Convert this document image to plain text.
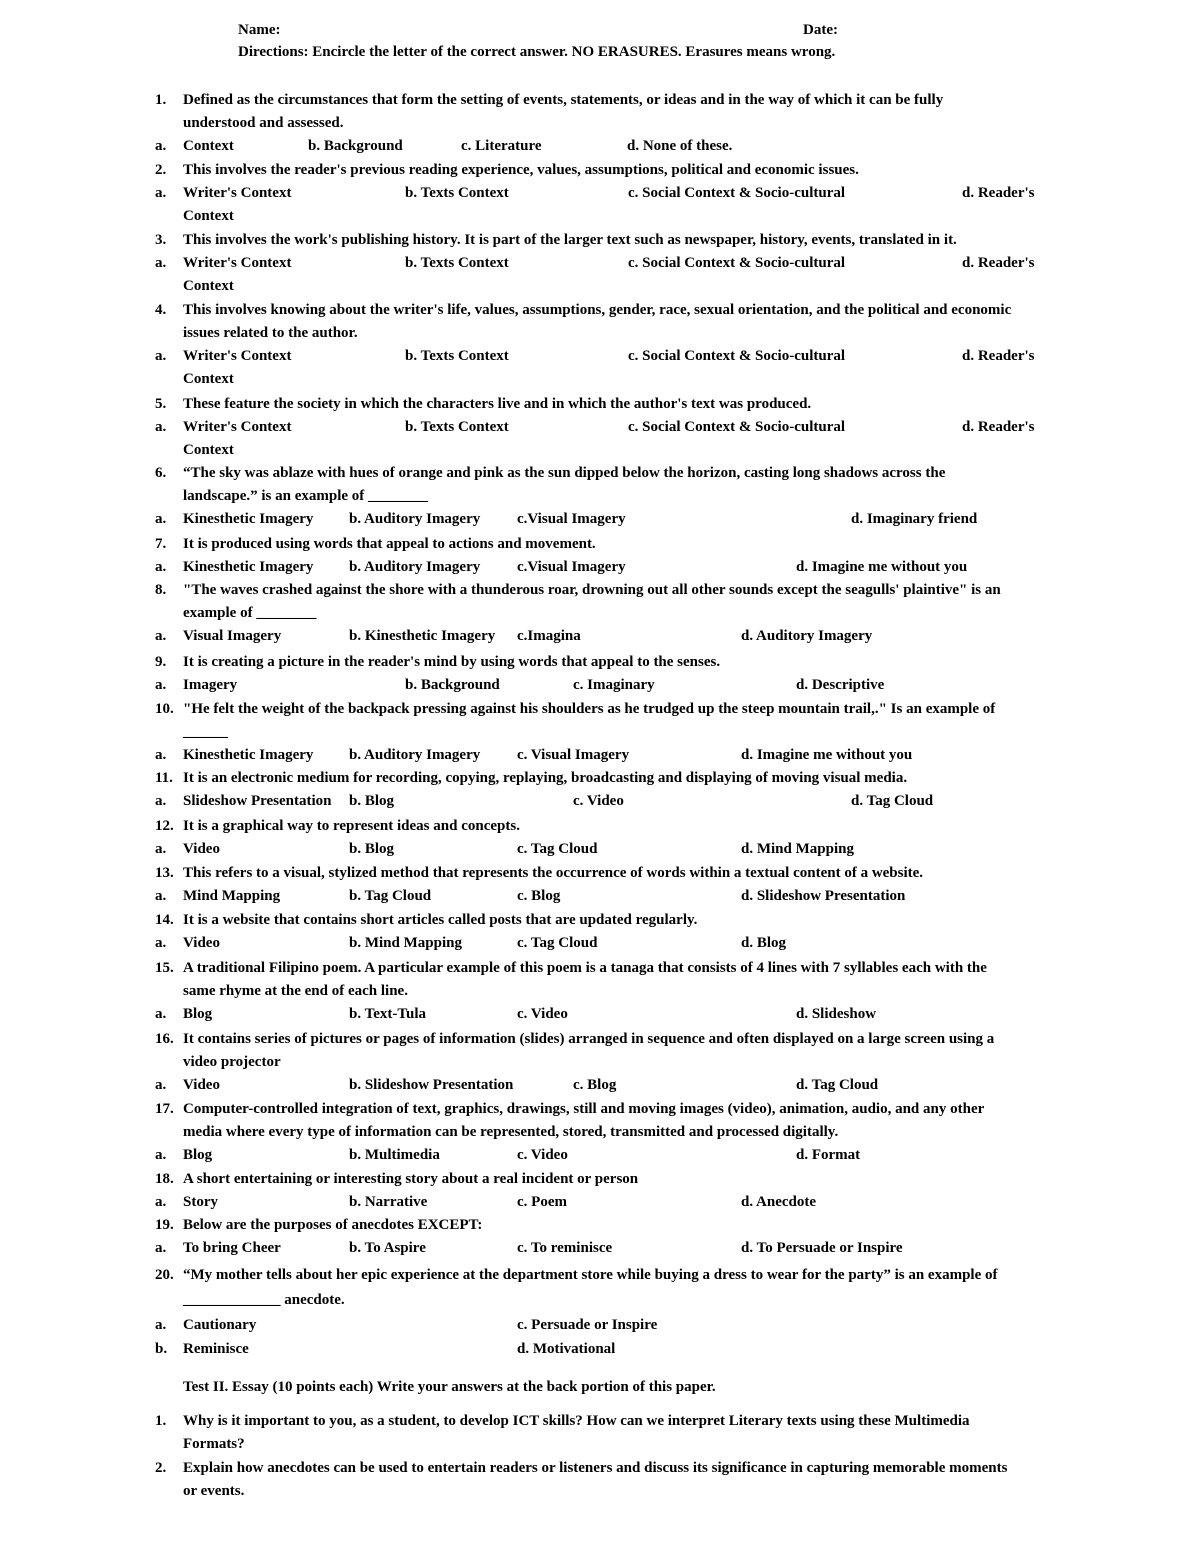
Name:	Date:
Directions: Encircle the letter of the correct answer. NO ERASURES. Erasures means wrong.
1. Defined as the circumstances that form the setting of events, statements, or ideas and in the way of which it can be fully
understood and assessed.
a. Context	b. Background	c. Literature	d. None of these.
2. This involves the reader's previous reading experience, values, assumptions, political and economic issues.
a. Writer's Context	b. Texts Context	c. Social Context & Socio-cultural	d. Reader's
Context
3. This involves the work's publishing history. It is part of the larger text such as newspaper, history, events, translated in it.
a. Writer's Context	b. Texts Context	c. Social Context & Socio-cultural	d. Reader's
Context
4. This involves knowing about the writer's life, values, assumptions, gender, race, sexual orientation, and the political and economic
issues related to the author.
a. Writer's Context	b. Texts Context	c. Social Context & Socio-cultural	d. Reader's
Context
5. These feature the society in which the characters live and in which the author's text was produced.
a. Writer's Context	b. Texts Context	c. Social Context & Socio-cultural	d. Reader's
Context
6. “The sky was ablaze with hues of orange and pink as the sun dipped below the horizon, casting long shadows across the
landscape.” is an example of ________
a. Kinesthetic Imagery b. Auditory Imagery c.Visual Imagery	d. Imaginary friend
7. It is produced using words that appeal to actions and movement.
a. Kinesthetic Imagery b. Auditory Imagery c.Visual Imagery	d. Imagine me without you
8. "The waves crashed against the shore with a thunderous roar, drowning out all other sounds except the seagulls' plaintive" is an
example of ________
a. Visual Imagery	b. Kinesthetic Imagery c.Imagina	d. Auditory Imagery
9. It is creating a picture in the reader's mind by using words that appeal to the senses.
a. Imagery	b. Background	c. Imaginary	d. Descriptive
10. "He felt the weight of the backpack pressing against his shoulders as he trudged up the steep mountain trail,." Is an example of
______
a. Kinesthetic Imagery b. Auditory Imagery c. Visual Imagery	d. Imagine me without you
11. It is an electronic medium for recording, copying, replaying, broadcasting and displaying of moving visual media.
a. Slideshow Presentation b. Blog	c. Video	d. Tag Cloud
12. It is a graphical way to represent ideas and concepts.
a. Video	b. Blog	c. Tag Cloud	d. Mind Mapping
13. This refers to a visual, stylized method that represents the occurrence of words within a textual content of a website.
a. Mind Mapping	b. Tag Cloud	c. Blog	d. Slideshow Presentation
14. It is a website that contains short articles called posts that are updated regularly.
a. Video	b. Mind Mapping	c. Tag Cloud	d. Blog
15. A traditional Filipino poem. A particular example of this poem is a tanaga that consists of 4 lines with 7 syllables each with the
same rhyme at the end of each line.
a. Blog	b. Text-Tula	c. Video	d. Slideshow
16. It contains series of pictures or pages of information (slides) arranged in sequence and often displayed on a large screen using a
video projector
a. Video	b. Slideshow Presentation	c. Blog	d. Tag Cloud
17. Computer-controlled integration of text, graphics, drawings, still and moving images (video), animation, audio, and any other
media where every type of information can be represented, stored, transmitted and processed digitally.
a. Blog	b. Multimedia	c. Video	d. Format
18. A short entertaining or interesting story about a real incident or person
a. Story	b. Narrative	c. Poem	d. Anecdote
19. Below are the purposes of anecdotes EXCEPT:
a. To bring Cheer	b. To Aspire	c. To reminisce	d. To Persuade or Inspire
20. “My mother tells about her epic experience at the department store while buying a dress to wear for the party” is an example of
_____________ anecdote.
a. Cautionary	c. Persuade or Inspire
b. Reminisce	d. Motivational
Test II. Essay (10 points each) Write your answers at the back portion of this paper.
1. Why is it important to you, as a student, to develop ICT skills? How can we interpret Literary texts using these Multimedia
Formats?
2. Explain how anecdotes can be used to entertain readers or listeners and discuss its significance in capturing memorable moments
or events.
